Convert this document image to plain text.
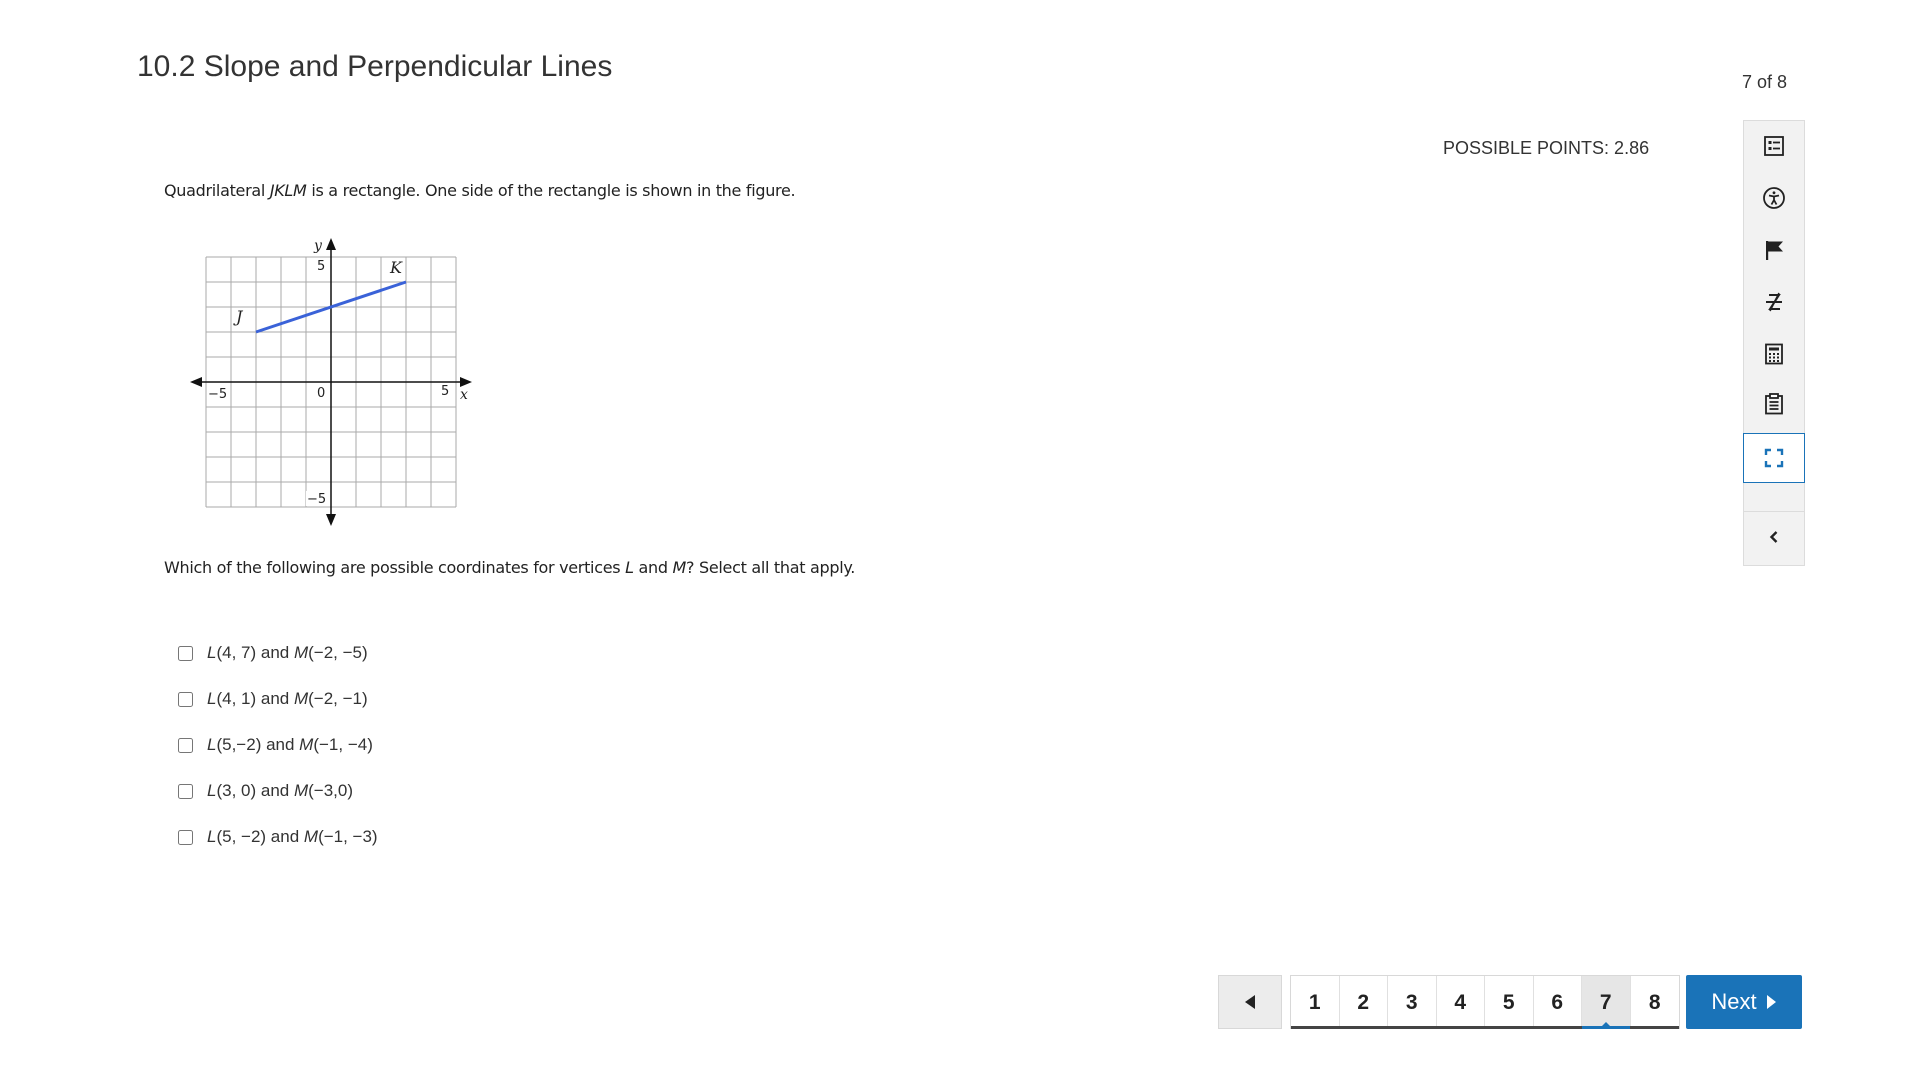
10.2 Slope and Perpendicular Lines	7 of 8
POSSIBLE POINTS: 2.86
Quadrilateral JKLM is a rectangle. One side of the rectangle is shown in the figure.
y
x
5
−5	0	5
−5
J
K
Which of the following are possible coordinates for vertices L and M? Select all that apply.
L(4, 7) and M(−2, −5)
L(4, 1) and M(−2, −1)
L(5,−2) and M(−1, −4)
L(3, 0) and M(−3,0)
L(5, −2) and M(−1, −3)
1	2	3	4	5	6	7	8	Next
